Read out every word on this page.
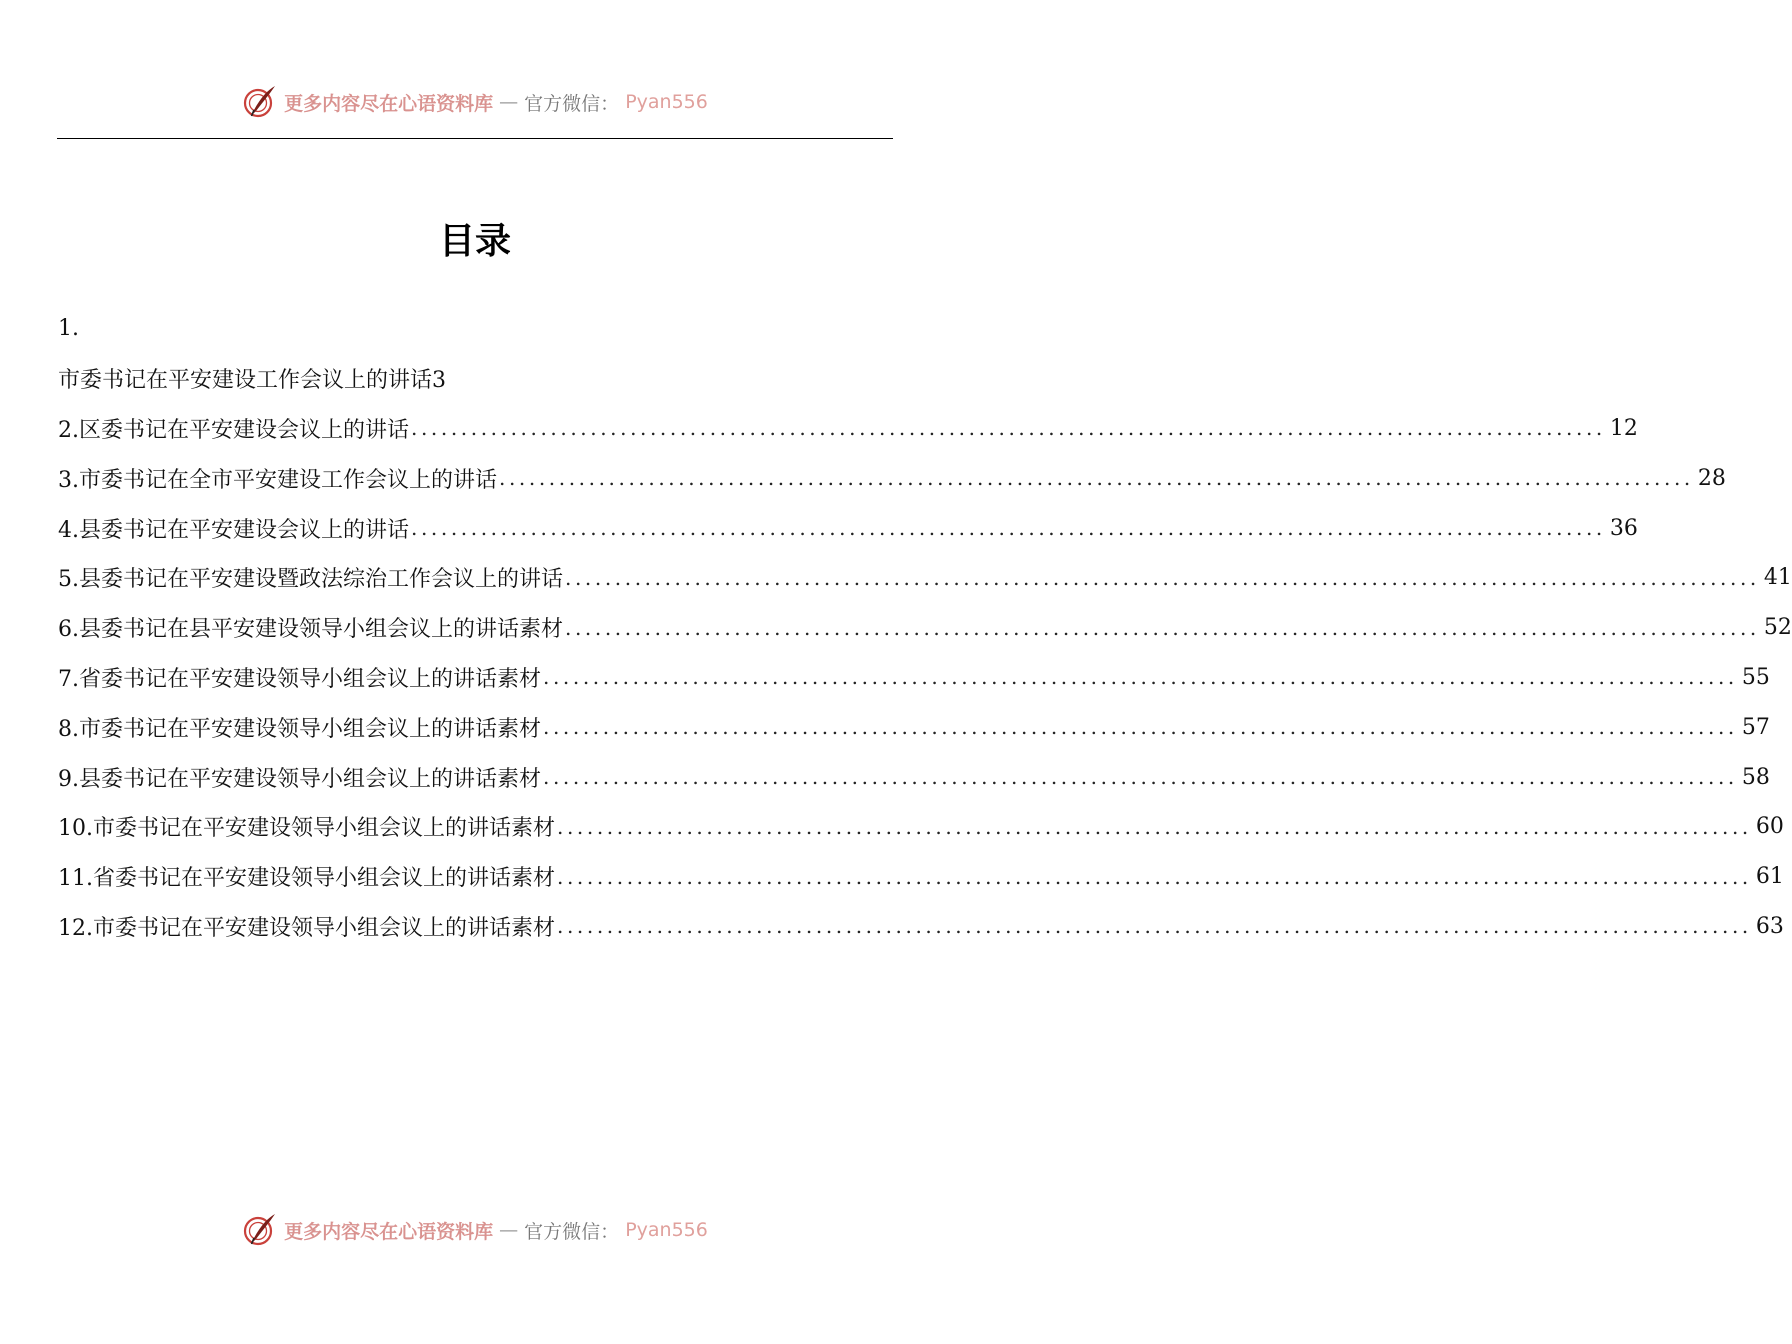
更多内容尽在心语资料库 — 官方微信： Pyan556
目录
1.
市委书记在平安建设工作会议上的讲话3
2.区委书记在平安建设会议上的讲话 ........................................................................................................................ 12
3.市委书记在全市平安建设工作会议上的讲话 ........................................................................................................................ 28
4.县委书记在平安建设会议上的讲话 ........................................................................................................................ 36
5.县委书记在平安建设暨政法综治工作会议上的讲话 ........................................................................................................................ 41
6.县委书记在县平安建设领导小组会议上的讲话素材 ........................................................................................................................ 52
7.省委书记在平安建设领导小组会议上的讲话素材 ........................................................................................................................ 55
8.市委书记在平安建设领导小组会议上的讲话素材 ........................................................................................................................ 57
9.县委书记在平安建设领导小组会议上的讲话素材 ........................................................................................................................ 58
10.市委书记在平安建设领导小组会议上的讲话素材 ........................................................................................................................ 60
11.省委书记在平安建设领导小组会议上的讲话素材 ........................................................................................................................ 61
12.市委书记在平安建设领导小组会议上的讲话素材 ........................................................................................................................ 63
更多内容尽在心语资料库 — 官方微信： Pyan556
